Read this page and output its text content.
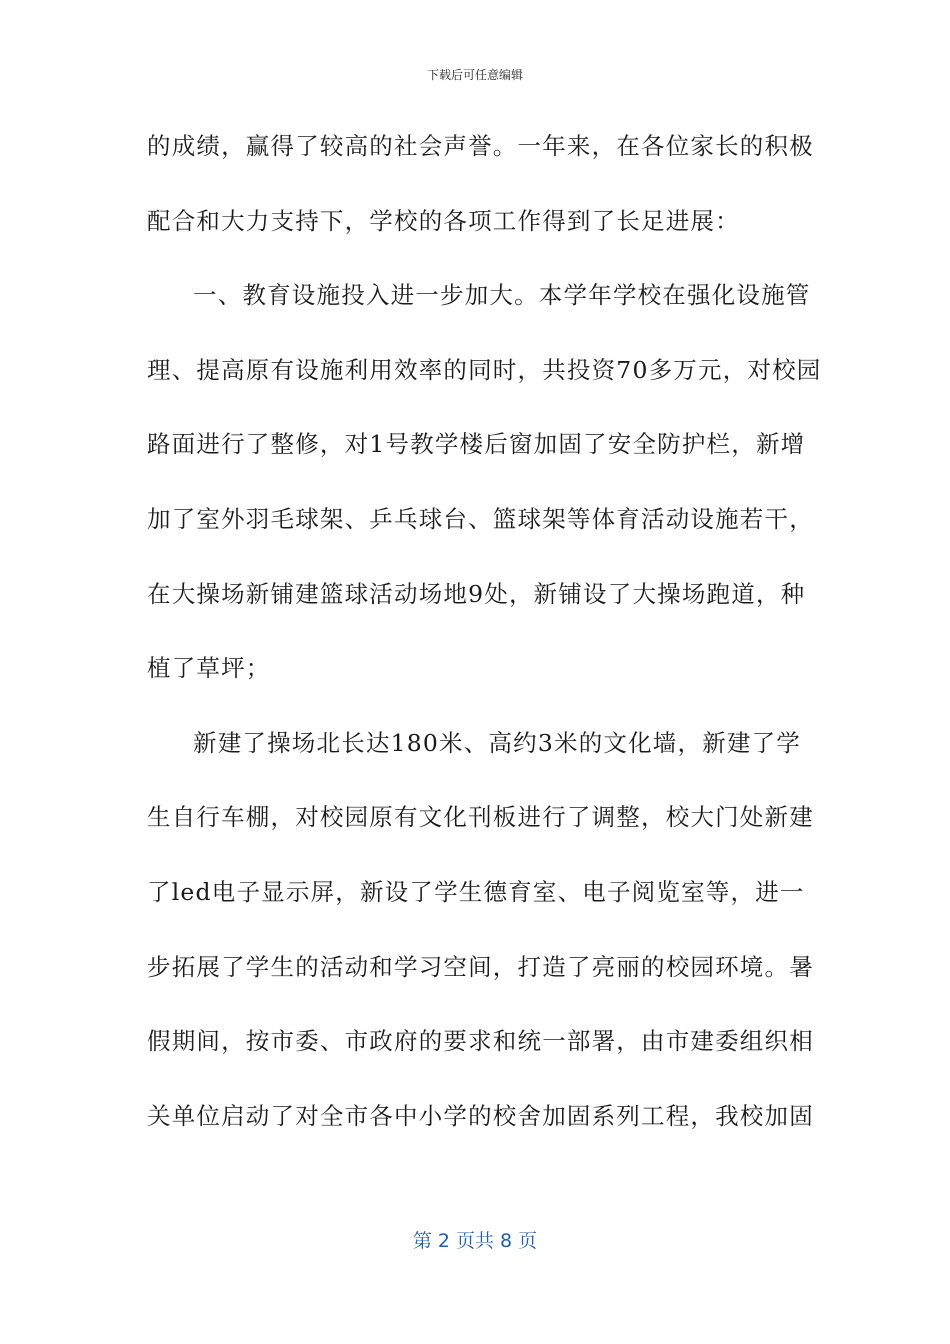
下载后可任意编辑
的成绩，赢得了较高的社会声誉。一年来，在各位家长的积极
配合和大力支持下，学校的各项工作得到了长足进展：
一、教育设施投入进一步加大。本学年学校在强化设施管
理、提高原有设施利用效率的同时，共投资70多万元，对校园
路面进行了整修，对1号教学楼后窗加固了安全防护栏，新增
加了室外羽毛球架、乒乓球台、篮球架等体育活动设施若干，
在大操场新铺建篮球活动场地9处，新铺设了大操场跑道，种
植了草坪；
新建了操场北长达180米、高约3米的文化墙，新建了学
生自行车棚，对校园原有文化刊板进行了调整，校大门处新建
了led电子显示屏，新设了学生德育室、电子阅览室等，进一
步拓展了学生的活动和学习空间，打造了亮丽的校园环境。暑
假期间，按市委、市政府的要求和统一部署，由市建委组织相
关单位启动了对全市各中小学的校舍加固系列工程，我校加固
第 2 页共 8 页
